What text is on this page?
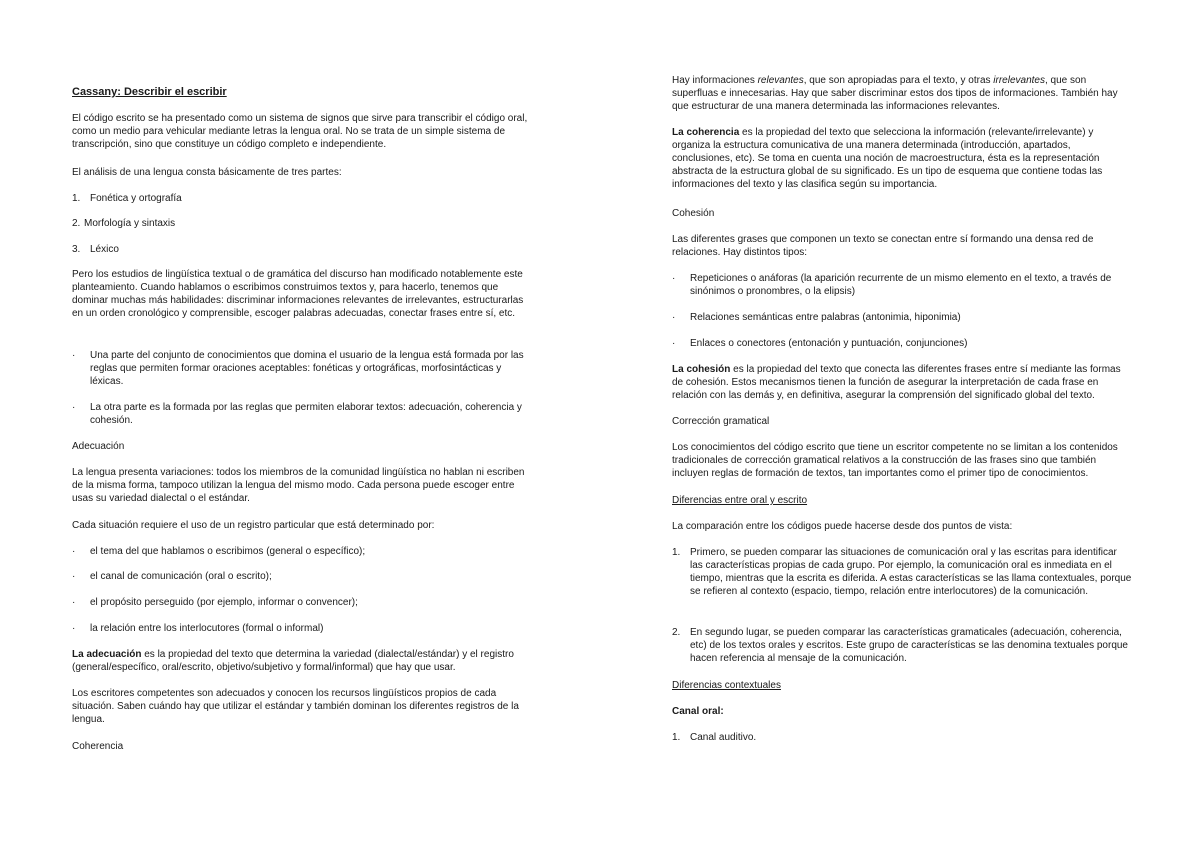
Cassany: Describir el escribir

El código escrito se ha presentado como un sistema de signos que sirve para transcribir el código oral, como un medio para vehicular mediante letras la lengua oral. No se trata de un simple sistema de transcripción, sino que constituye un código completo e independiente.

El análisis de una lengua consta básicamente de tres partes:

1. Fonética y ortografía
2. Morfología y sintaxis
3. Léxico

Pero los estudios de lingüística textual o de gramática del discurso han modificado notablemente este planteamiento. Cuando hablamos o escribimos construimos textos y, para hacerlo, tenemos que dominar muchas más habilidades: discriminar informaciones relevantes de irrelevantes, estructurarlas en un orden cronológico y comprensible, escoger palabras adecuadas, conectar frases entre sí, etc.

·	Una parte del conjunto de conocimientos que domina el usuario de la lengua está formada por las reglas que permiten formar oraciones aceptables: fonéticas y ortográficas, morfosintácticas y léxicas.
·	La otra parte es la formada por las reglas que permiten elaborar textos: adecuación, coherencia y cohesión.

Adecuación

La lengua presenta variaciones: todos los miembros de la comunidad lingüística no hablan ni escriben de la misma forma, tampoco utilizan la lengua del mismo modo. Cada persona puede escoger entre usas su variedad dialectal o el estándar.

Cada situación requiere el uso de un registro particular que está determinado por:

·	el tema del que hablamos o escribimos (general o específico);
·	el canal de comunicación (oral o escrito);
·	el propósito perseguido (por ejemplo, informar o convencer);
·	la relación entre los interlocutores (formal o informal)

La adecuación es la propiedad del texto que determina la variedad (dialectal/estándar) y el registro (general/específico, oral/escrito, objetivo/subjetivo y formal/informal) que hay que usar.

Los escritores competentes son adecuados y conocen los recursos lingüísticos propios de cada situación. Saben cuándo hay que utilizar el estándar y también dominan los diferentes registros de la lengua.

Coherencia

Hay informaciones relevantes, que son apropiadas para el texto, y otras irrelevantes, que son superfluas e innecesarias. Hay que saber discriminar estos dos tipos de informaciones. También hay que estructurar de una manera determinada las informaciones relevantes.

La coherencia es la propiedad del texto que selecciona la información (relevante/irrelevante) y organiza la estructura comunicativa de una manera determinada (introducción, apartados, conclusiones, etc). Se toma en cuenta una noción de macroestructura, ésta es la representación abstracta de la estructura global de su significado. Es un tipo de esquema que contiene todas las informaciones del texto y las clasifica según su importancia.

Cohesión

Las diferentes grases que componen un texto se conectan entre sí formando una densa red de relaciones. Hay distintos tipos:

·	Repeticiones o anáforas (la aparición recurrente de un mismo elemento en el texto, a través de sinónimos o pronombres, o la elipsis)
·	Relaciones semánticas entre palabras (antonimia, hiponimia)
·	Enlaces o conectores (entonación y puntuación, conjunciones)

La cohesión es la propiedad del texto que conecta las diferentes frases entre sí mediante las formas de cohesión. Estos mecanismos tienen la función de asegurar la interpretación de cada frase en relación con las demás y, en definitiva, asegurar la comprensión del significado global del texto.

Corrección gramatical

Los conocimientos del código escrito que tiene un escritor competente no se limitan a los contenidos tradicionales de corrección gramatical relativos a la construcción de las frases sino que también incluyen reglas de formación de textos, tan importantes como el primer tipo de conocimientos.

Diferencias entre oral y escrito

La comparación entre los códigos puede hacerse desde dos puntos de vista:

1. Primero, se pueden comparar las situaciones de comunicación oral y las escritas para identificar las características propias de cada grupo. Por ejemplo, la comunicación oral es inmediata en el tiempo, mientras que la escrita es diferida. A estas características se las llama contextuales, porque se refieren al contexto (espacio, tiempo, relación entre interlocutores) de la comunicación.
2. En segundo lugar, se pueden comparar las características gramaticales (adecuación, coherencia, etc) de los textos orales y escritos. Este grupo de características se las denomina textuales porque hacen referencia al mensaje de la comunicación.

Diferencias contextuales

Canal oral:

1. Canal auditivo.
